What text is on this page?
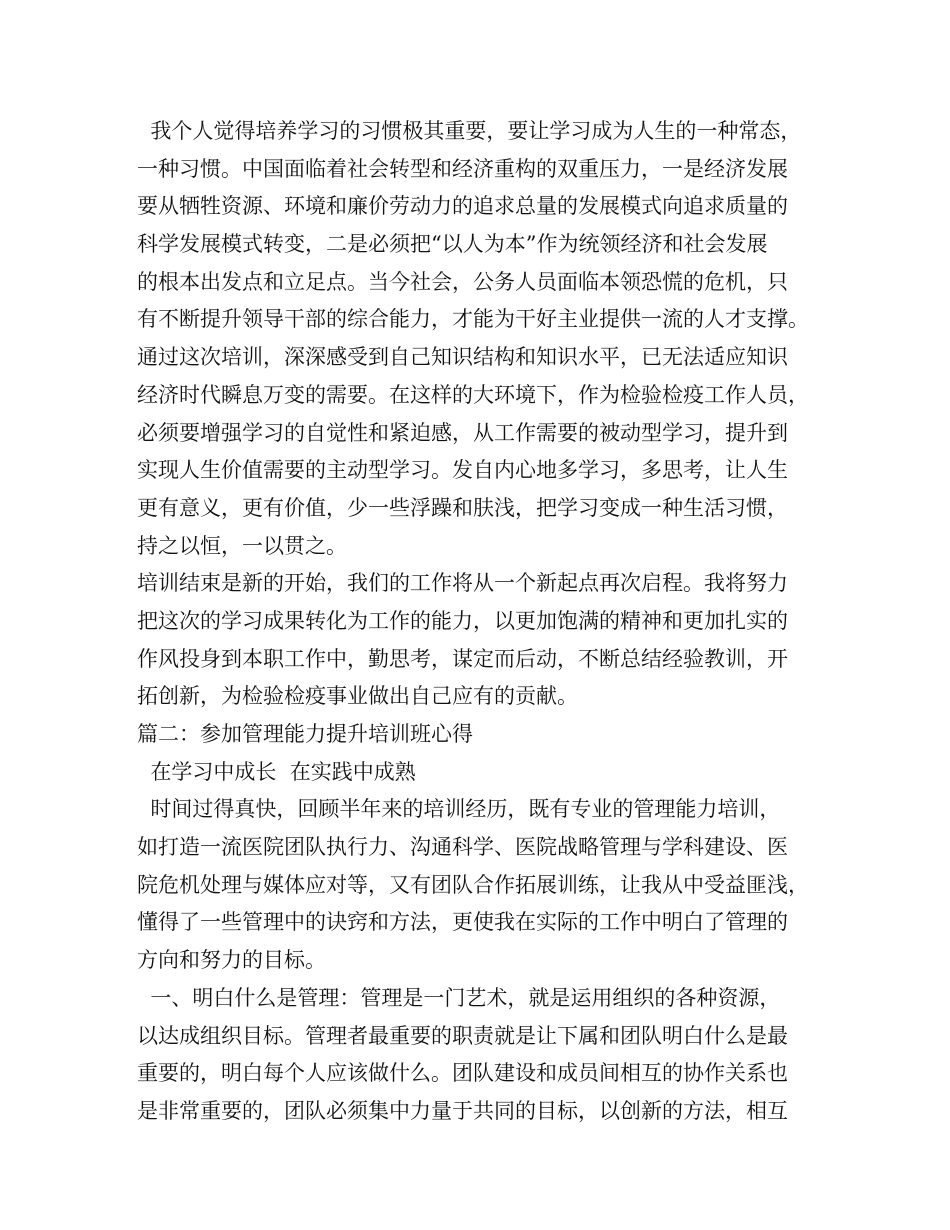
我个人觉得培养学习的习惯极其重要，要让学习成为人生的一种常态，
一种习惯。中国面临着社会转型和经济重构的双重压力，一是经济发展
要从牺牲资源、环境和廉价劳动力的追求总量的发展模式向追求质量的
科学发展模式转变，二是必须把“以人为本”作为统领经济和社会发展
的根本出发点和立足点。当今社会，公务人员面临本领恐慌的危机，只
有不断提升领导干部的综合能力，才能为干好主业提供一流的人才支撑。
通过这次培训，深深感受到自己知识结构和知识水平，已无法适应知识
经济时代瞬息万变的需要。在这样的大环境下，作为检验检疫工作人员，
必须要增强学习的自觉性和紧迫感，从工作需要的被动型学习，提升到
实现人生价值需要的主动型学习。发自内心地多学习，多思考，让人生
更有意义，更有价值，少一些浮躁和肤浅，把学习变成一种生活习惯，
持之以恒，一以贯之。
培训结束是新的开始，我们的工作将从一个新起点再次启程。我将努力
把这次的学习成果转化为工作的能力，以更加饱满的精神和更加扎实的
作风投身到本职工作中，勤思考，谋定而后动，不断总结经验教训，开
拓创新，为检验检疫事业做出自己应有的贡献。
篇二：参加管理能力提升培训班心得
在学习中成长  在实践中成熟
时间过得真快，回顾半年来的培训经历，既有专业的管理能力培训，
如打造一流医院团队执行力、沟通科学、医院战略管理与学科建设、医
院危机处理与媒体应对等，又有团队合作拓展训练，让我从中受益匪浅，
懂得了一些管理中的诀窍和方法，更使我在实际的工作中明白了管理的
方向和努力的目标。
一、明白什么是管理：管理是一门艺术，就是运用组织的各种资源，
以达成组织目标。管理者最重要的职责就是让下属和团队明白什么是最
重要的，明白每个人应该做什么。团队建设和成员间相互的协作关系也
是非常重要的，团队必须集中力量于共同的目标，以创新的方法，相互
